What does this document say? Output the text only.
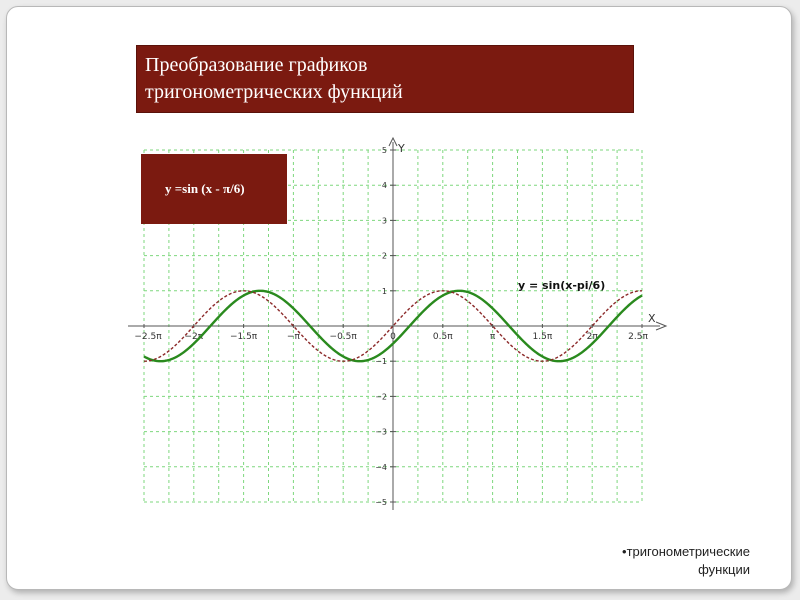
X
Y
−2.5π	−2π	−1.5π	−π	−0.5π	0	0.5π	π	1.5π	2π	2.5π
5
4
3
2
1
−1
−2
−3
−4
−5
y = sin(x-pi/6)
Преобразование графиков
тригонометрических функций
y =sin (x - π/6)
•тригонометрические
функции
